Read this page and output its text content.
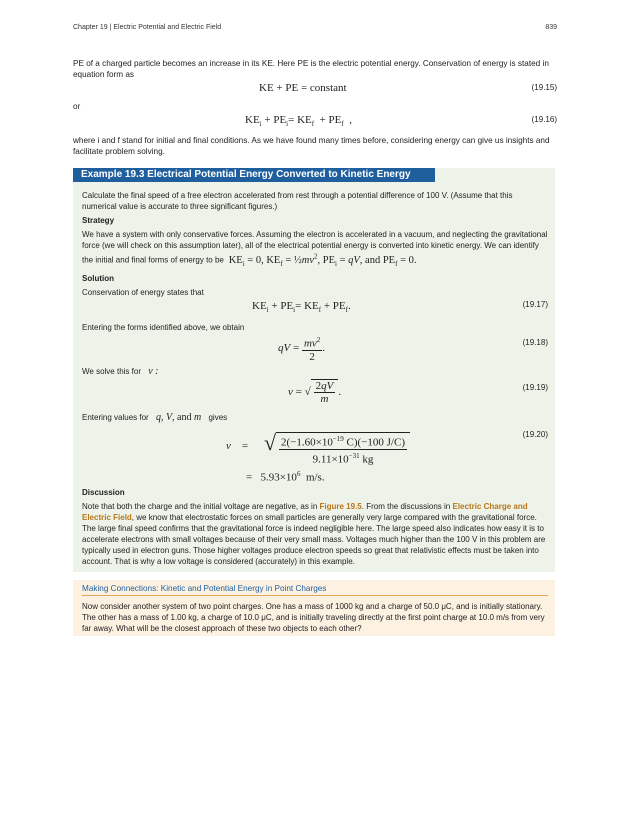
Chapter 19 | Electric Potential and Electric Field	839
PE of a charged particle becomes an increase in its KE. Here PE is the electric potential energy. Conservation of energy is stated in equation form as
KE + PE = constant	(19.15)
or
$KE_i + PE_i= KE_f + PE_f$  ,	(19.16)
where i and f stand for initial and final conditions. As we have found many times before, considering energy can give us insights and facilitate problem solving.
Example 19.3 Electrical Potential Energy Converted to Kinetic Energy
Calculate the final speed of a free electron accelerated from rest through a potential difference of 100 V. (Assume that this numerical value is accurate to three significant figures.)
Strategy
We have a system with only conservative forces. Assuming the electron is accelerated in a vacuum, and neglecting the gravitational force (we will check on this assumption later), all of the electrical potential energy is converted into kinetic energy. We can identify the initial and final forms of energy to be  $KE_i = 0$, $KE_f$ = $\frac{1}{2}mv^2$, $PE_i$ = qV, and $PE_f = 0$.
Solution
Conservation of energy states that
$KE_i + PE_i= KE_f + PE_f$.	(19.17)
Entering the forms identified above, we obtain
qV = $\frac{mv^2}{2}$ .	(19.18)
We solve this for   v :
v = √ $\frac{2qV}{m}$ .	(19.19)
Entering values for q, V, and m gives
v    = √ $\frac{2(-1.60\times 10^{-19} C)(-100 J/C)}{9.11\times 10^{-31} kg}$	(19.20)
=   $5.93\times 10^6$ m/s.
Discussion
Note that both the charge and the initial voltage are negative, as in Figure 19.5. From the discussions in Electric Charge and Electric Field, we know that electrostatic forces on small particles are generally very large compared with the gravitational force. The large final speed confirms that the gravitational force is indeed negligible here. The large speed also indicates how easy it is to accelerate electrons with small voltages because of their very small mass. Voltages much higher than the 100 V in this problem are typically used in electron guns. Those higher voltages produce electron speeds so great that relativistic effects must be taken into account. That is why a low voltage is considered (accurately) in this example.
Making Connections: Kinetic and Potential Energy in Point Charges
Now consider another system of two point charges. One has a mass of 1000 kg and a charge of 50.0 μC, and is initially stationary. The other has a mass of 1.00 kg, a charge of 10.0 μC, and is initially traveling directly at the first point charge at 10.0 m/s from very far away. What will be the closest approach of these two objects to each other?
